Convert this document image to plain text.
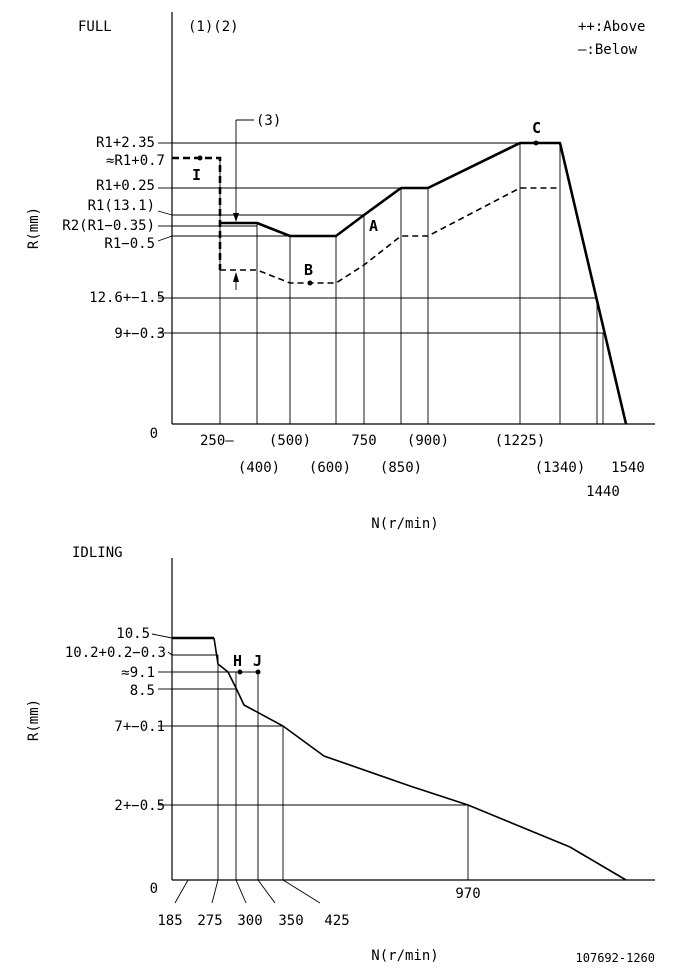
FULL	(1)(2)	++:Above
—:Below
R1+2.35
≈R1+0.7
R1+0.25
R1(13.1)
R2(R1−0.35)
R1−0.5
12.6+−1.5
9+−0.3
0
R(mm)
250—
(400)
(500)
(600)
750
(850)
(900)	(1225)
(1340)
1440
1540
N(r/min)
C
A
B
I
(3)
IDLING
10.5
10.2+0.2−0.3
≈9.1
8.5
7+−0.1
2+−0.5
0
R(mm)
185 275 300 350 425
970
N(r/min)
H J
107692-1260
